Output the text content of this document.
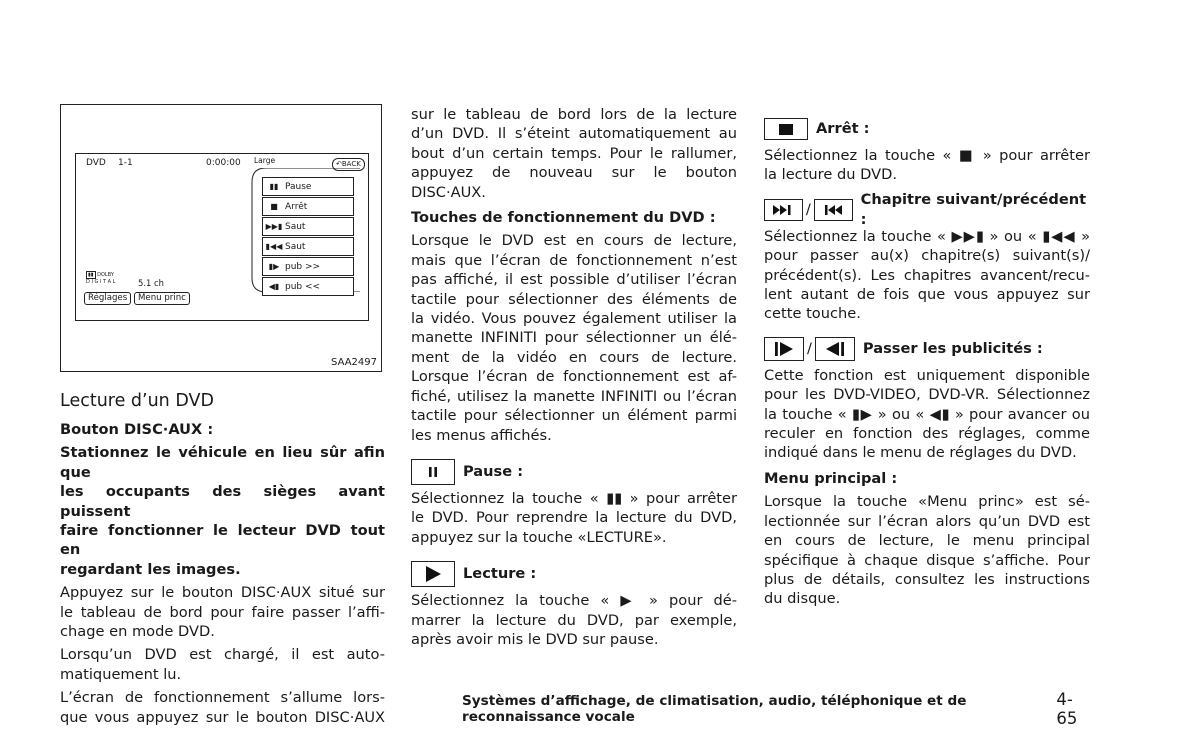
DVD 1-1	0:00:00 Large	↶BACK
▮▮ Pause
■ Arrêt
▶▶▮ Saut
▮◀◀ Saut
▮▶ pub >>
◀▮ pub <<
▮▮ DOLBY
D I G I T A L	5.1 ch
Réglages	Menu princ
SAA2497
Lecture d’un DVD

Bouton DISC·AUX :

Stationnez le véhicule en lieu sûr afin que

les occupants des sièges avant puissent

faire fonctionner le lecteur DVD tout en

regardant les images.

Appuyez sur le bouton DISC·AUX situé sur

le tableau de bord pour faire passer l’affi-

chage en mode DVD.

Lorsqu’un DVD est chargé, il est auto-

matiquement lu.

L’écran de fonctionnement s’allume lors-

que vous appuyez sur le bouton DISC·AUX

sur le tableau de bord lors de la lecture

d’un DVD. Il s’éteint automatiquement au

bout d’un certain temps. Pour le rallumer,

appuyez de nouveau sur le bouton

DISC·AUX.

Touches de fonctionnement du DVD :

Lorsque le DVD est en cours de lecture,

mais que l’écran de fonctionnement n’est

pas affiché, il est possible d’utiliser l’écran

tactile pour sélectionner des éléments de

la vidéo. Vous pouvez également utiliser la

manette INFINITI pour sélectionner un élé-

ment de la vidéo en cours de lecture.

Lorsque l’écran de fonctionnement est af-

fiché, utilisez la manette INFINITI ou l’écran

tactile pour sélectionner un élément parmi

les menus affichés.

Pause :

Sélectionnez la touche « ▮▮ » pour arrêter

le DVD. Pour reprendre la lecture du DVD,

appuyez sur la touche «LECTURE».

Lecture :

Sélectionnez la touche « ▶ » pour dé-

marrer la lecture du DVD, par exemple,

après avoir mis le DVD sur pause.

Arrêt :

Sélectionnez la touche « ■ » pour arrêter

la lecture du DVD.

/
Chapitre suivant/précédent :

Sélectionnez la touche « ▶▶▮ » ou « ▮◀◀ »

pour passer au(x) chapitre(s) suivant(s)/

précédent(s). Les chapitres avancent/recu-

lent autant de fois que vous appuyez sur

cette touche.

/	Passer les publicités :

Cette fonction est uniquement disponible

pour les DVD-VIDEO, DVD-VR. Sélectionnez

la touche « ▮▶ » ou « ◀▮ » pour avancer ou

reculer en fonction des réglages, comme

indiqué dans le menu de réglages du DVD.

Menu principal :

Lorsque la touche «Menu princ» est sé-

lectionnée sur l’écran alors qu’un DVD est

en cours de lecture, le menu principal

spécifique à chaque disque s’affiche. Pour

plus de détails, consultez les instructions

du disque.

Systèmes d’affichage, de climatisation, audio, téléphonique et de reconnaissance vocale
4-65
